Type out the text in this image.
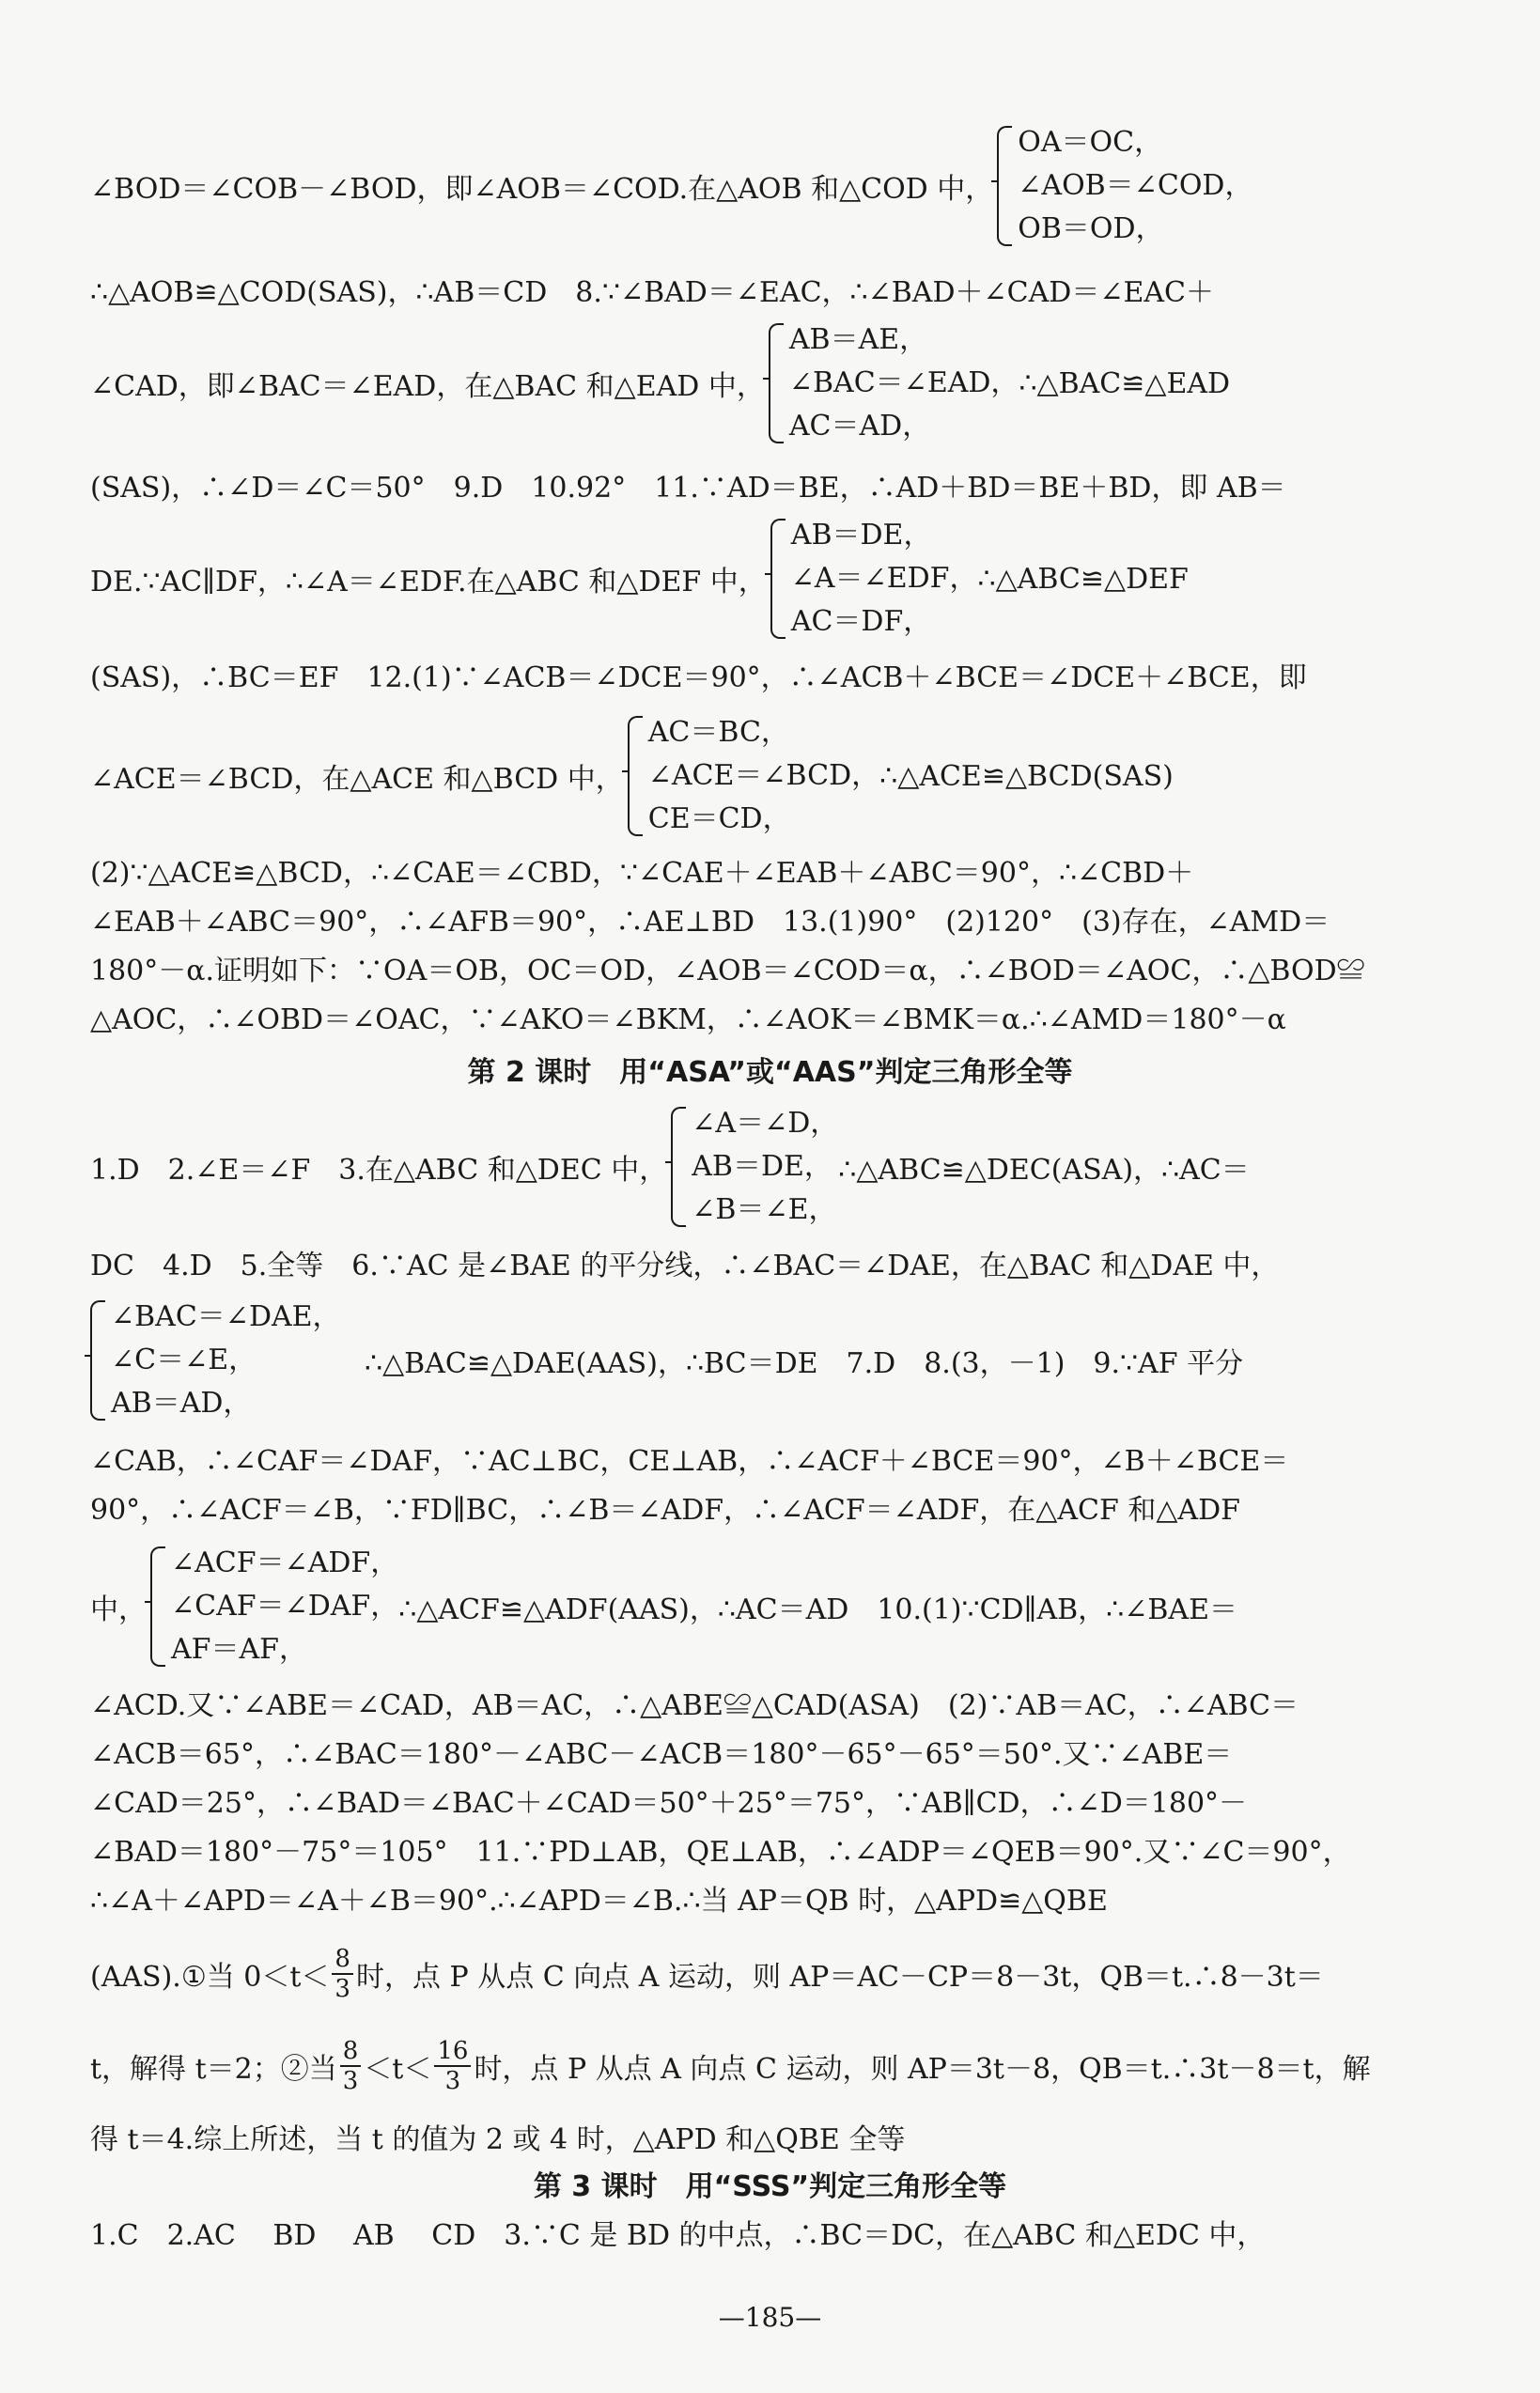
∠BOD＝∠COB－∠BOD，即∠AOB＝∠COD.在△AOB 和△COD 中，
OA＝OC，
∠AOB＝∠COD，
OB＝OD，
∴△AOB≌△COD(SAS)，∴AB＝CD　8.∵∠BAD＝∠EAC，∴∠BAD＋∠CAD＝∠EAC＋
∠CAD，即∠BAC＝∠EAD，在△BAC 和△EAD 中，
AB＝AE，
∠BAC＝∠EAD，
AC＝AD，
∴△BAC≌△EAD
(SAS)，∴∠D＝∠C＝50°　9.D　10.92°　11.∵AD＝BE，∴AD＋BD＝BE＋BD，即 AB＝
DE.∵AC∥DF，∴∠A＝∠EDF.在△ABC 和△DEF 中，
AB＝DE，
∠A＝∠EDF，
AC＝DF，
∴△ABC≌△DEF
(SAS)，∴BC＝EF　12.(1)∵∠ACB＝∠DCE＝90°，∴∠ACB＋∠BCE＝∠DCE＋∠BCE，即
∠ACE＝∠BCD，在△ACE 和△BCD 中，
AC＝BC，
∠ACE＝∠BCD，
CE＝CD，
∴△ACE≌△BCD(SAS)
(2)∵△ACE≌△BCD，∴∠CAE＝∠CBD，∵∠CAE＋∠EAB＋∠ABC＝90°，∴∠CBD＋
∠EAB＋∠ABC＝90°，∴∠AFB＝90°，∴AE⊥BD　13.(1)90°　(2)120°　(3)存在，∠AMD＝
180°－α.证明如下：∵OA＝OB，OC＝OD，∠AOB＝∠COD＝α，∴∠BOD＝∠AOC，∴△BOD≌
△AOC，∴∠OBD＝∠OAC，∵∠AKO＝∠BKM，∴∠AOK＝∠BMK＝α.∴∠AMD＝180°－α
第 2 课时　用“ASA”或“AAS”判定三角形全等
1.D　2.∠E＝∠F　3.在△ABC 和△DEC 中，
∠A＝∠D，
AB＝DE，
∠B＝∠E，
∴△ABC≌△DEC(ASA)，∴AC＝
DC　4.D　5.全等　6.∵AC 是∠BAE 的平分线，∴∠BAC＝∠DAE，在△BAC 和△DAE 中，
∠BAC＝∠DAE，
∠C＝∠E，
AB＝AD，
∴△BAC≌△DAE(AAS)，∴BC＝DE　7.D　8.(3，－1)　9.∵AF 平分
∠CAB，∴∠CAF＝∠DAF，∵AC⊥BC，CE⊥AB，∴∠ACF＋∠BCE＝90°，∠B＋∠BCE＝
90°，∴∠ACF＝∠B，∵FD∥BC，∴∠B＝∠ADF，∴∠ACF＝∠ADF，在△ACF 和△ADF
中，
∠ACF＝∠ADF，
∠CAF＝∠DAF，
AF＝AF，
∴△ACF≌△ADF(AAS)，∴AC＝AD　10.(1)∵CD∥AB，∴∠BAE＝
∠ACD.又∵∠ABE＝∠CAD，AB＝AC，∴△ABE≌△CAD(ASA)　(2)∵AB＝AC，∴∠ABC＝
∠ACB＝65°，∴∠BAC＝180°－∠ABC－∠ACB＝180°－65°－65°＝50°.又∵∠ABE＝
∠CAD＝25°，∴∠BAD＝∠BAC＋∠CAD＝50°＋25°＝75°，∵AB∥CD，∴∠D＝180°－
∠BAD＝180°－75°＝105°　11.∵PD⊥AB，QE⊥AB，∴∠ADP＝∠QEB＝90°.又∵∠C＝90°，
∴∠A＋∠APD＝∠A＋∠B＝90°.∴∠APD＝∠B.∴当 AP＝QB 时，△APD≌△QBE
(AAS).①当 $0<t< \frac{8}{3}$ 时，点 P 从点 C 向点 A 运动，则 AP＝AC－CP＝8－3t，QB＝t.∴8－3t＝
t，解得 t＝2；②当 $\frac{8}{3} <t< \frac{16}{3}$ 时，点 P 从点 A 向点 C 运动，则 AP＝3t－8，QB＝t.∴3t－8＝t，解
得 t＝4.综上所述，当 t 的值为 2 或 4 时，△APD 和△QBE 全等
第 3 课时　用“SSS”判定三角形全等
1.C　2.AC　 BD　 AB　 CD　3.∵C 是 BD 的中点，∴BC＝DC，在△ABC 和△EDC 中，
—185—
